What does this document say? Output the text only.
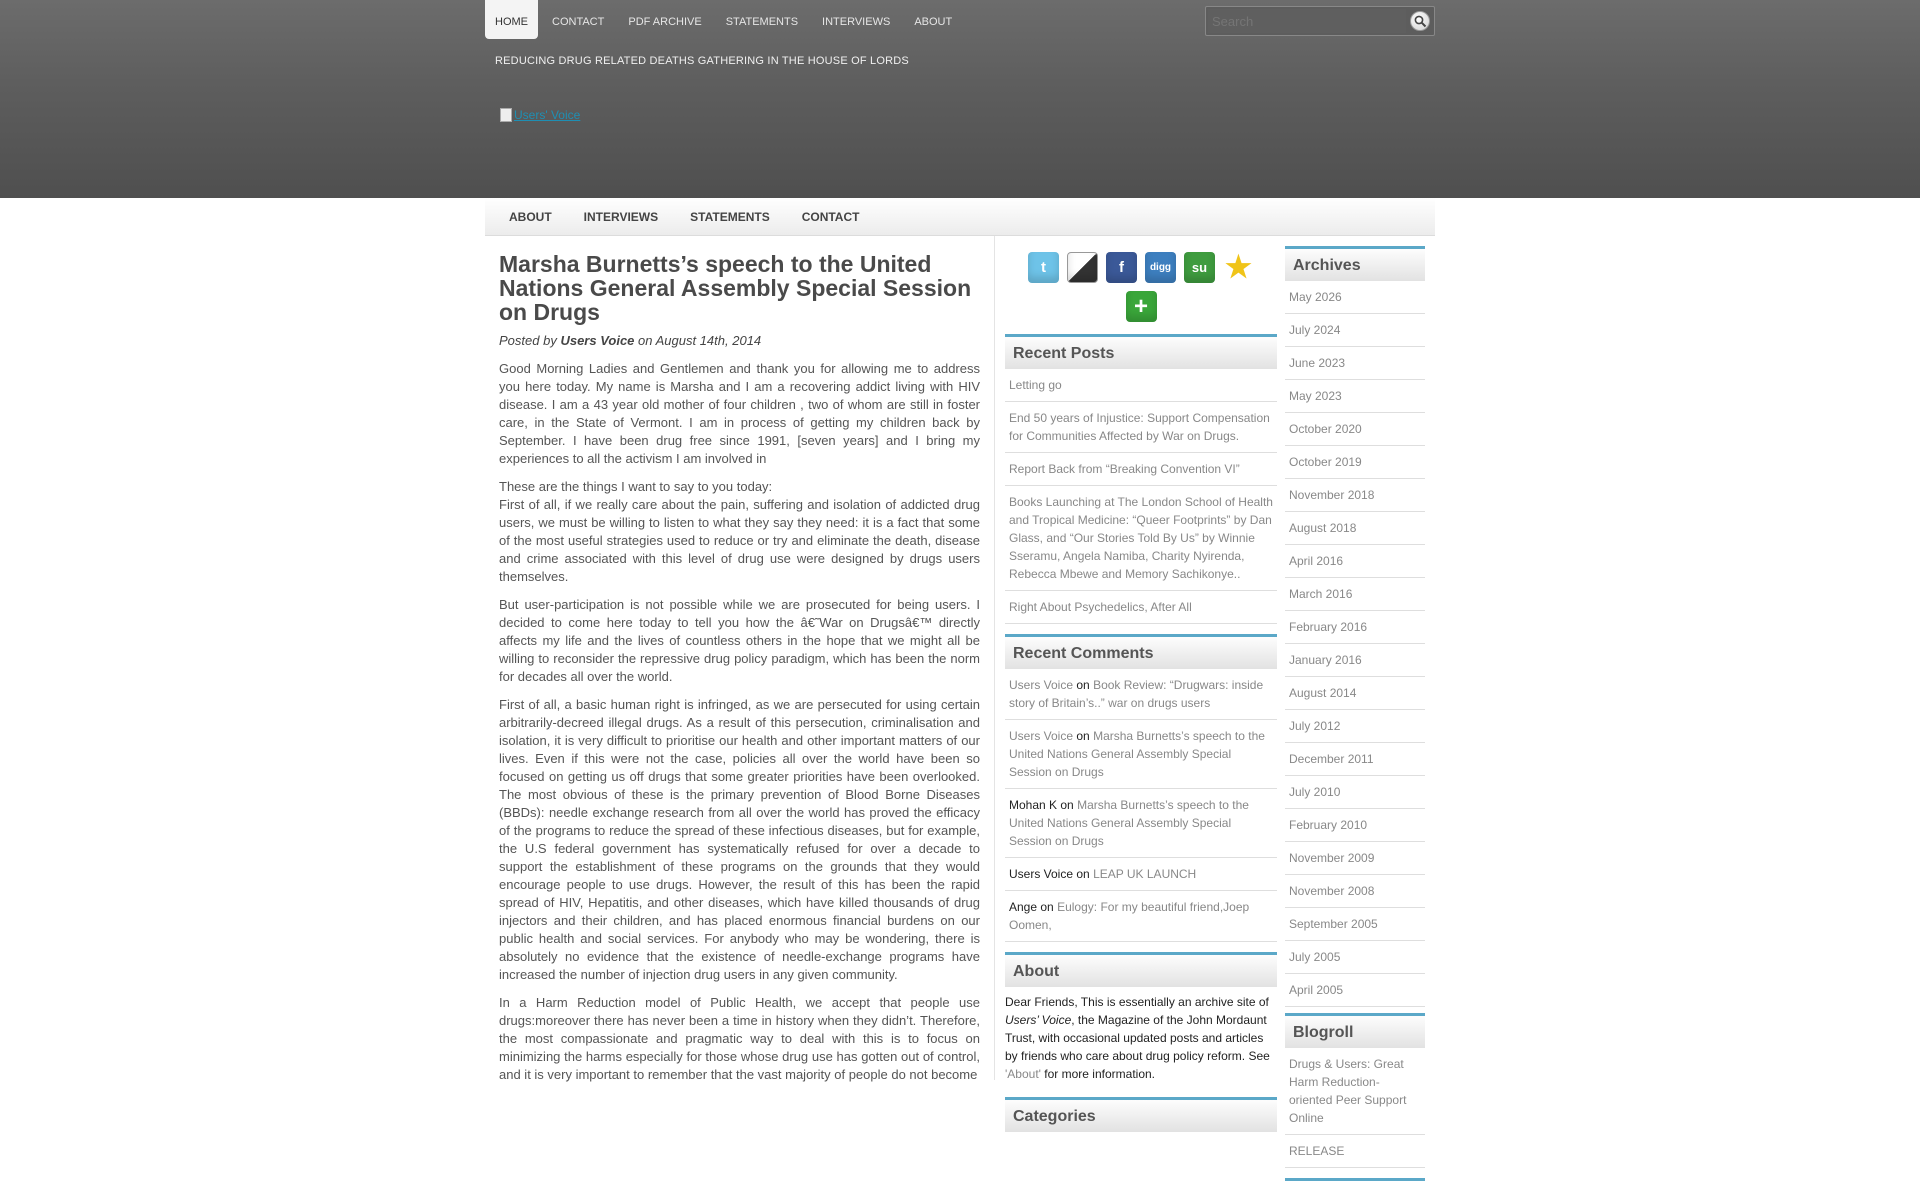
HOME	CONTACT	PDF ARCHIVE	STATEMENTS	INTERVIEWS	ABOUT
Search
REDUCING DRUG RELATED DEATHS GATHERING IN THE HOUSE OF LORDS
Users' Voice
ABOUT	INTERVIEWS	STATEMENTS	CONTACT
Marsha Burnetts’s speech to the United Nations General Assembly Special Session on Drugs
Posted by Users Voice on August 14th, 2014

Good Morning Ladies and Gentlemen and thank you for allowing me to address you here today. My name is Marsha and I am a recovering addict living with HIV disease. I am a 43 year old mother of four children , two of whom are still in foster care, in the State of Vermont. I am in process of getting my children back by September. I have been drug free since 1991, [seven years] and I bring my experiences to all the activism I am involved in

These are the things I want to say to you today:
First of all, if we really care about the pain, suffering and isolation of addicted drug users, we must be willing to listen to what they say they need: it is a fact that some of the most useful strategies used to reduce or try and eliminate the death, disease and crime associated with this level of drug use were designed by drugs users themselves.

But user-participation is not possible while we are prosecuted for being users. I decided to come here today to tell you how the â€˜War on Drugsâ€™ directly affects my life and the lives of countless others in the hope that we might all be willing to reconsider the repressive drug policy paradigm, which has been the norm for decades all over the world.

First of all, a basic human right is infringed, as we are persecuted for using certain arbitrarily-decreed illegal drugs. As a result of this persecution, criminalisation and isolation, it is very difficult to prioritise our health and other important matters of our lives. Even if this were not the case, policies all over the world have been so focused on getting us off drugs that some greater priorities have been overlooked. The most obvious of these is the primary prevention of Blood Borne Diseases (BBDs): needle exchange research from all over the world has proved the efficacy of the programs to reduce the spread of these infectious diseases, but for example, the U.S federal government has systematically refused for over a decade to support the establishment of these programs on the grounds that they would encourage people to use drugs. However, the result of this has been the rapid spread of HIV, Hepatitis, and other diseases, which have killed thousands of drug injectors and their children, and has placed enormous financial burdens on our public health and social services. For anybody who may be wondering, there is absolutely no evidence that the existence of needle-exchange programs have increased the number of injection drug users in any given community.

In a Harm Reduction model of Public Health, we accept that people use drugs:moreover there has never been a time in history when they didn’t. Therefore, the most compassionate and pragmatic way to deal with this is to focus on minimizing the harms especially for those whose drug use has gotten out of control, and it is very important to remember that the vast majority of people do not become

t	f	digg	su ★
+
Recent Posts
Letting go
End 50 years of Injustice: Support Compensation for Communities Affected by War on Drugs.
Report Back from “Breaking Convention VI”
Books Launching at The London School of Health and Tropical Medicine: “Queer Footprints” by Dan Glass, and “Our Stories Told By Us” by Winnie Sseramu, Angela Namiba, Charity Nyirenda, Rebecca Mbewe and Memory Sachikonye..
Right About Psychedelics, After All
Recent Comments
Users Voice on Book Review: “Drugwars: inside story of Britain’s..” war on drugs users
Users Voice on Marsha Burnetts’s speech to the United Nations General Assembly Special Session on Drugs
Mohan K on Marsha Burnetts’s speech to the United Nations General Assembly Special Session on Drugs
Users Voice on LEAP UK LAUNCH
Ange on Eulogy: For my beautiful friend,Joep Oomen,
About
Dear Friends, This is essentially an archive site of Users’ Voice, the Magazine of the John Mordaunt Trust, with occasional updated posts and articles by friends who care about drug policy reform. See 'About' for more information.
Categories
Archives
May 2026
July 2024
June 2023
May 2023
October 2020
October 2019
November 2018
August 2018
April 2016
March 2016
February 2016
January 2016
August 2014
July 2012
December 2011
July 2010
February 2010
November 2009
November 2008
September 2005
July 2005
April 2005
Blogroll
Drugs & Users: Great Harm Reduction-oriented Peer Support Online
RELEASE
